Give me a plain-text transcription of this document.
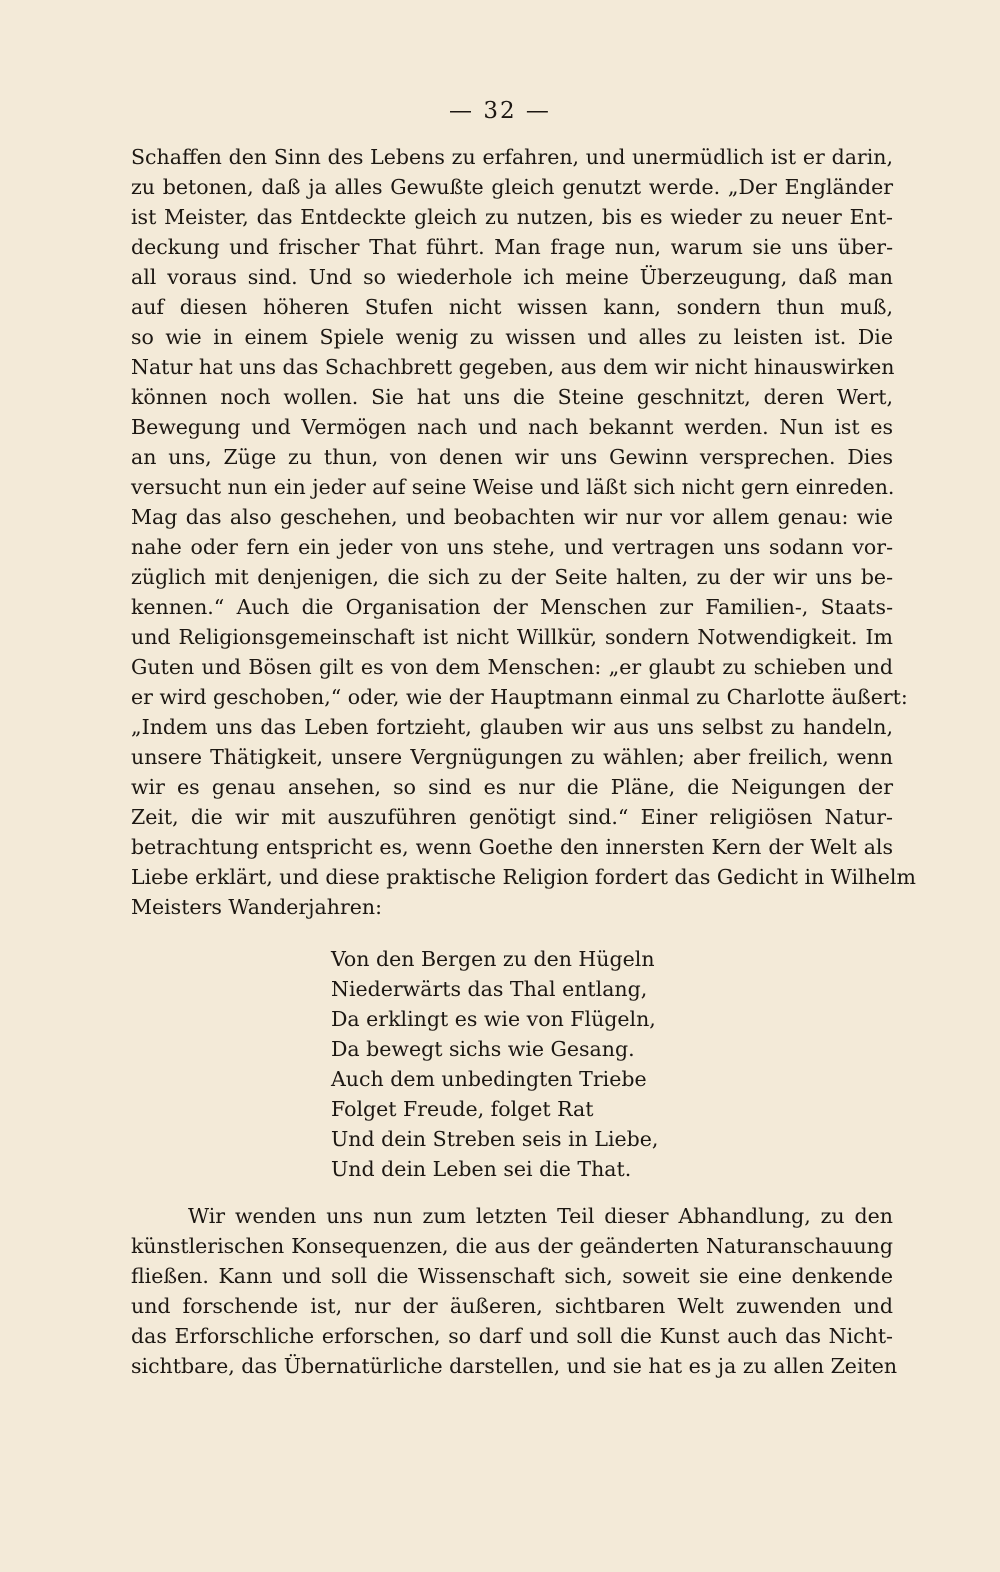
— 32 —
Schaffen den Sinn des Lebens zu erfahren, und unermüdlich ist er darin,
zu betonen, daß ja alles Gewußte gleich genutzt werde. „Der Engländer
ist Meister, das Entdeckte gleich zu nutzen, bis es wieder zu neuer Ent-
deckung und frischer That führt. Man frage nun, warum sie uns über-
all voraus sind. Und so wiederhole ich meine Überzeugung, daß man
auf diesen höheren Stufen nicht wissen kann, sondern thun muß,
so wie in einem Spiele wenig zu wissen und alles zu leisten ist. Die
Natur hat uns das Schachbrett gegeben, aus dem wir nicht hinauswirken
können noch wollen. Sie hat uns die Steine geschnitzt, deren Wert,
Bewegung und Vermögen nach und nach bekannt werden. Nun ist es
an uns, Züge zu thun, von denen wir uns Gewinn versprechen. Dies
versucht nun ein jeder auf seine Weise und läßt sich nicht gern einreden.
Mag das also geschehen, und beobachten wir nur vor allem genau: wie
nahe oder fern ein jeder von uns stehe, und vertragen uns sodann vor-
züglich mit denjenigen, die sich zu der Seite halten, zu der wir uns be-
kennen.“ Auch die Organisation der Menschen zur Familien-, Staats-
und Religionsgemeinschaft ist nicht Willkür, sondern Notwendigkeit. Im
Guten und Bösen gilt es von dem Menschen: „er glaubt zu schieben und
er wird geschoben,“ oder, wie der Hauptmann einmal zu Charlotte äußert:
„Indem uns das Leben fortzieht, glauben wir aus uns selbst zu handeln,
unsere Thätigkeit, unsere Vergnügungen zu wählen; aber freilich, wenn
wir es genau ansehen, so sind es nur die Pläne, die Neigungen der
Zeit, die wir mit auszuführen genötigt sind.“ Einer religiösen Natur-
betrachtung entspricht es, wenn Goethe den innersten Kern der Welt als
Liebe erklärt, und diese praktische Religion fordert das Gedicht in Wilhelm
Meisters Wanderjahren:
Von den Bergen zu den Hügeln
Niederwärts das Thal entlang,
Da erklingt es wie von Flügeln,
Da bewegt sichs wie Gesang.
Auch dem unbedingten Triebe
Folget Freude, folget Rat
Und dein Streben seis in Liebe,
Und dein Leben sei die That.
Wir wenden uns nun zum letzten Teil dieser Abhandlung, zu den
künstlerischen Konsequenzen, die aus der geänderten Naturanschauung
fließen. Kann und soll die Wissenschaft sich, soweit sie eine denkende
und forschende ist, nur der äußeren, sichtbaren Welt zuwenden und
das Erforschliche erforschen, so darf und soll die Kunst auch das Nicht-
sichtbare, das Übernatürliche darstellen, und sie hat es ja zu allen Zeiten
